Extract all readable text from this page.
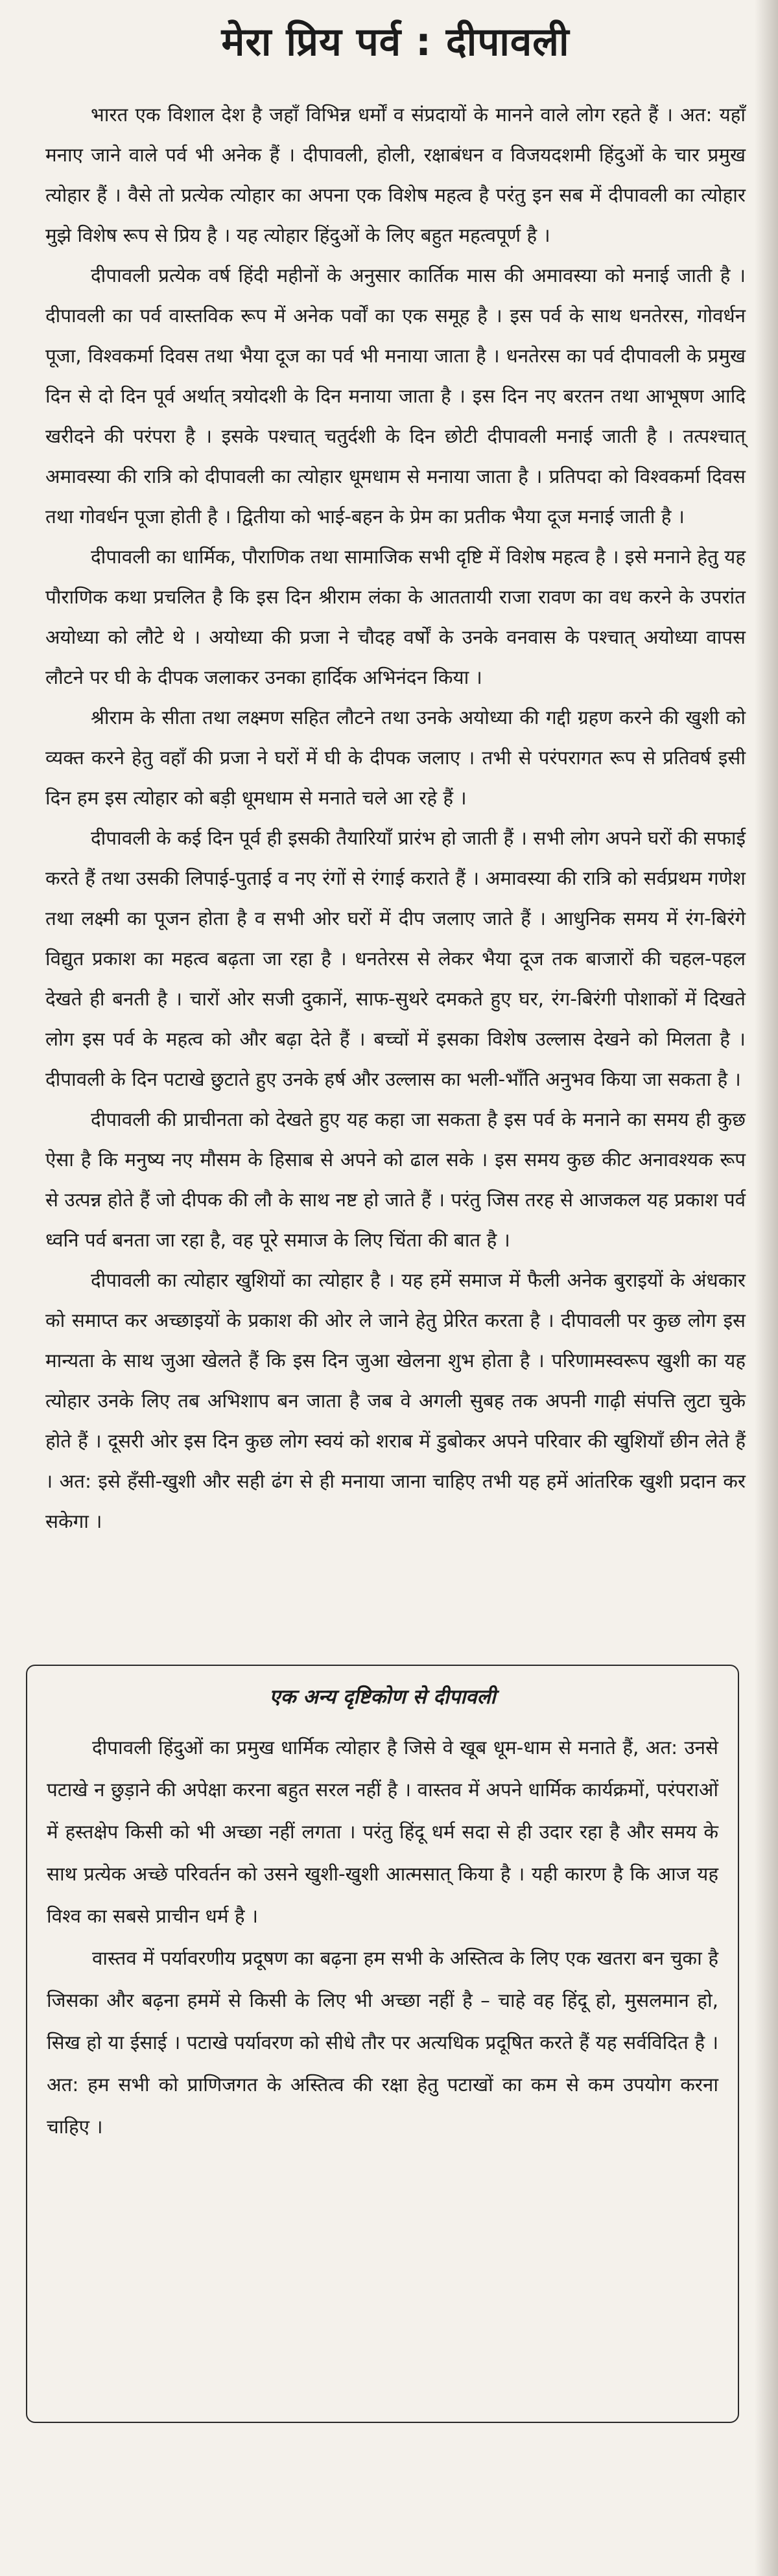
मेरा प्रिय पर्व : दीपावली

भारत एक विशाल देश है जहाँ विभिन्न धर्मों व संप्रदायों के मानने वाले लोग रहते हैं । अत: यहाँ मनाए जाने वाले पर्व भी अनेक हैं । दीपावली, होली, रक्षाबंधन व विजयदशमी हिंदुओं के चार प्रमुख त्योहार हैं । वैसे तो प्रत्येक त्योहार का अपना एक विशेष महत्व है परंतु इन सब में दीपावली का त्योहार मुझे विशेष रूप से प्रिय है । यह त्योहार हिंदुओं के लिए बहुत महत्वपूर्ण है ।

दीपावली प्रत्येक वर्ष हिंदी महीनों के अनुसार कार्तिक मास की अमावस्या को मनाई जाती है । दीपावली का पर्व वास्तविक रूप में अनेक पर्वों का एक समूह है । इस पर्व के साथ धनतेरस, गोवर्धन पूजा, विश्वकर्मा दिवस तथा भैया दूज का पर्व भी मनाया जाता है । धनतेरस का पर्व दीपावली के प्रमुख दिन से दो दिन पूर्व अर्थात् त्रयोदशी के दिन मनाया जाता है । इस दिन नए बरतन तथा आभूषण आदि खरीदने की परंपरा है । इसके पश्चात् चतुर्दशी के दिन छोटी दीपावली मनाई जाती है । तत्पश्चात् अमावस्या की रात्रि को दीपावली का त्योहार धूमधाम से मनाया जाता है । प्रतिपदा को विश्वकर्मा दिवस तथा गोवर्धन पूजा होती है । द्वितीया को भाई-बहन के प्रेम का प्रतीक भैया दूज मनाई जाती है ।

दीपावली का धार्मिक, पौराणिक तथा सामाजिक सभी दृष्टि में विशेष महत्व है । इसे मनाने हेतु यह पौराणिक कथा प्रचलित है कि इस दिन श्रीराम लंका के आततायी राजा रावण का वध करने के उपरांत अयोध्या को लौटे थे । अयोध्या की प्रजा ने चौदह वर्षों के उनके वनवास के पश्चात् अयोध्या वापस लौटने पर घी के दीपक जलाकर उनका हार्दिक अभिनंदन किया ।

श्रीराम के सीता तथा लक्ष्मण सहित लौटने तथा उनके अयोध्या की गद्दी ग्रहण करने की खुशी को व्यक्त करने हेतु वहाँ की प्रजा ने घरों में घी के दीपक जलाए । तभी से परंपरागत रूप से प्रतिवर्ष इसी दिन हम इस त्योहार को बड़ी धूमधाम से मनाते चले आ रहे हैं ।

दीपावली के कई दिन पूर्व ही इसकी तैयारियाँ प्रारंभ हो जाती हैं । सभी लोग अपने घरों की सफाई करते हैं तथा उसकी लिपाई-पुताई व नए रंगों से रंगाई कराते हैं । अमावस्या की रात्रि को सर्वप्रथम गणेश तथा लक्ष्मी का पूजन होता है व सभी ओर घरों में दीप जलाए जाते हैं । आधुनिक समय में रंग-बिरंगे विद्युत प्रकाश का महत्व बढ़ता जा रहा है । धनतेरस से लेकर भैया दूज तक बाजारों की चहल-पहल देखते ही बनती है । चारों ओर सजी दुकानें, साफ-सुथरे दमकते हुए घर, रंग-बिरंगी पोशाकों में दिखते लोग इस पर्व के महत्व को और बढ़ा देते हैं । बच्चों में इसका विशेष उल्लास देखने को मिलता है । दीपावली के दिन पटाखे छुटाते हुए उनके हर्ष और उल्लास का भली-भाँति अनुभव किया जा सकता है ।

दीपावली की प्राचीनता को देखते हुए यह कहा जा सकता है इस पर्व के मनाने का समय ही कुछ ऐसा है कि मनुष्य नए मौसम के हिसाब से अपने को ढाल सके । इस समय कुछ कीट अनावश्यक रूप से उत्पन्न होते हैं जो दीपक की लौ के साथ नष्ट हो जाते हैं । परंतु जिस तरह से आजकल यह प्रकाश पर्व ध्वनि पर्व बनता जा रहा है, वह पूरे समाज के लिए चिंता की बात है ।

दीपावली का त्योहार खुशियों का त्योहार है । यह हमें समाज में फैली अनेक बुराइयों के अंधकार को समाप्त कर अच्छाइयों के प्रकाश की ओर ले जाने हेतु प्रेरित करता है । दीपावली पर कुछ लोग इस मान्यता के साथ जुआ खेलते हैं कि इस दिन जुआ खेलना शुभ होता है । परिणामस्वरूप खुशी का यह त्योहार उनके लिए तब अभिशाप बन जाता है जब वे अगली सुबह तक अपनी गाढ़ी संपत्ति लुटा चुके होते हैं । दूसरी ओर इस दिन कुछ लोग स्वयं को शराब में डुबोकर अपने परिवार की खुशियाँ छीन लेते हैं । अत: इसे हँसी-खुशी और सही ढंग से ही मनाया जाना चाहिए तभी यह हमें आंतरिक खुशी प्रदान कर सकेगा ।

एक अन्य दृष्टिकोण से दीपावली

दीपावली हिंदुओं का प्रमुख धार्मिक त्योहार है जिसे वे खूब धूम-धाम से मनाते हैं, अत: उनसे पटाखे न छुड़ाने की अपेक्षा करना बहुत सरल नहीं है । वास्तव में अपने धार्मिक कार्यक्रमों, परंपराओं में हस्तक्षेप किसी को भी अच्छा नहीं लगता । परंतु हिंदू धर्म सदा से ही उदार रहा है और समय के साथ प्रत्येक अच्छे परिवर्तन को उसने खुशी-खुशी आत्मसात् किया है । यही कारण है कि आज यह विश्व का सबसे प्राचीन धर्म है ।

वास्तव में पर्यावरणीय प्रदूषण का बढ़ना हम सभी के अस्तित्व के लिए एक खतरा बन चुका है जिसका और बढ़ना हममें से किसी के लिए भी अच्छा नहीं है – चाहे वह हिंदू हो, मुसलमान हो, सिख हो या ईसाई । पटाखे पर्यावरण को सीधे तौर पर अत्यधिक प्रदूषित करते हैं यह सर्वविदित है । अत: हम सभी को प्राणिजगत के अस्तित्व की रक्षा हेतु पटाखों का कम से कम उपयोग करना चाहिए ।
